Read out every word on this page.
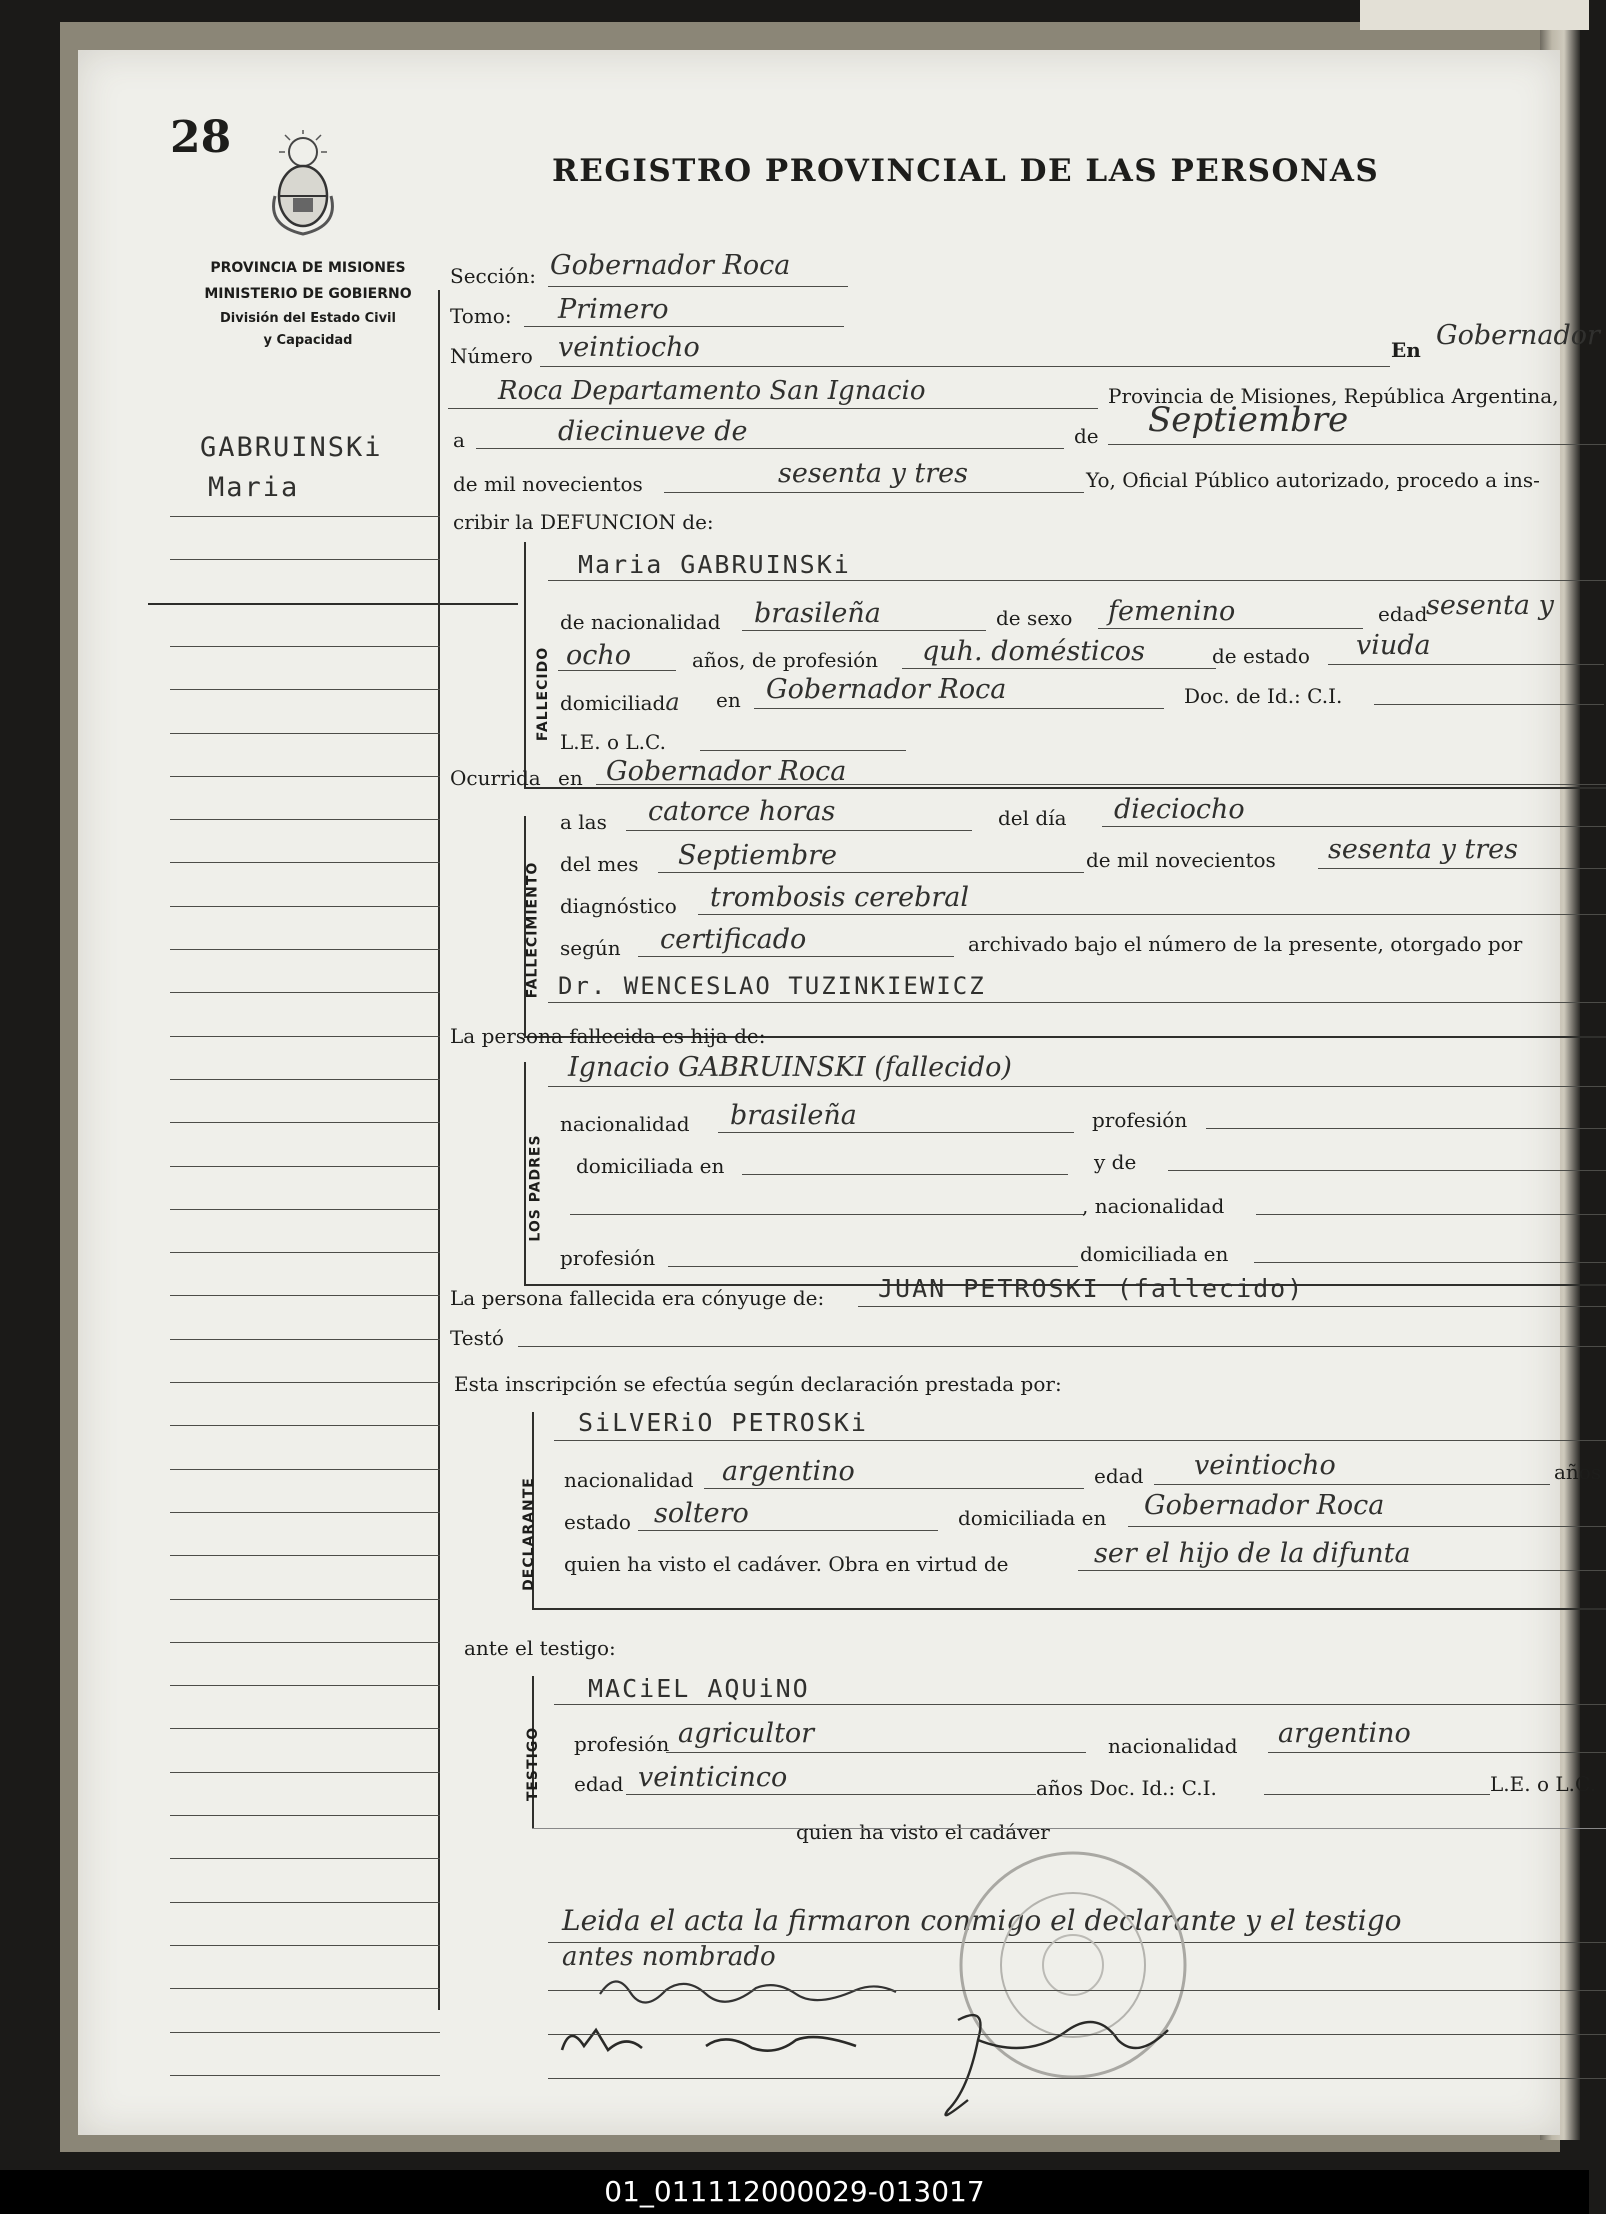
28
REGISTRO PROVINCIAL DE LAS PERSONAS
PROVINCIA DE MISIONES
MINISTERIO DE GOBIERNO
División del Estado Civil
y Capacidad
GABRUINSKi
Maria
Sección: Gobernador Roca
Tomo: Primero
Número veintiocho	En Gobernador
Roca Departamento San Ignacio	Provincia de Misiones, República Argentina,
a	diecinueve de	de Septiembre
de mil novecientos	sesenta y tres	Yo, Oficial Público autorizado, procedo a ins-
cribir la DEFUNCION de:
FALLECIDO
Maria GABRUINSKi
de nacionalidad brasileña	de sexo femenino	edad
sesenta y
ocho	años, de profesión quh. domésticos	de estado viuda
domiciliada en Gobernador Roca	Doc. de Id.: C.I.
L.E. o L.C.
Ocurrida en Gobernador Roca
FALLECIMIENTO
a las catorce horas	del día dieciocho
del mes Septiembre	de mil novecientos sesenta y tres
diagnóstico trombosis cerebral
según certificado	archivado bajo el número de la presente, otorgado por
Dr. WENCESLAO TUZINKIEWICZ
La persona fallecida es hija de:
LOS PADRES
Ignacio GABRUINSKI (fallecido)
nacionalidad brasileña	profesión
domiciliada en	y de
, nacionalidad
profesión	domiciliada en
La persona fallecida era cónyuge de: JUAN PETROSKI (fallecido)
Testó
Esta inscripción se efectúa según declaración prestada por:
DECLARANTE
SiLVERiO PETROSKi
nacionalidad argentino	edad veintiocho	años
estado soltero	domiciliada en Gobernador Roca
quien ha visto el cadáver. Obra en virtud de	ser el hijo de la difunta
ante el testigo:
TESTIGO
MACiEL AQUiNO
profesión agricultor	nacionalidad argentino
edad veinticinco	años Doc. Id.: C.I.	L.E. o L.C.
quien ha visto el cadáver
Leida el acta la firmaron conmigo el declarante y el testigo
antes nombrado
01_011112000029-013017
